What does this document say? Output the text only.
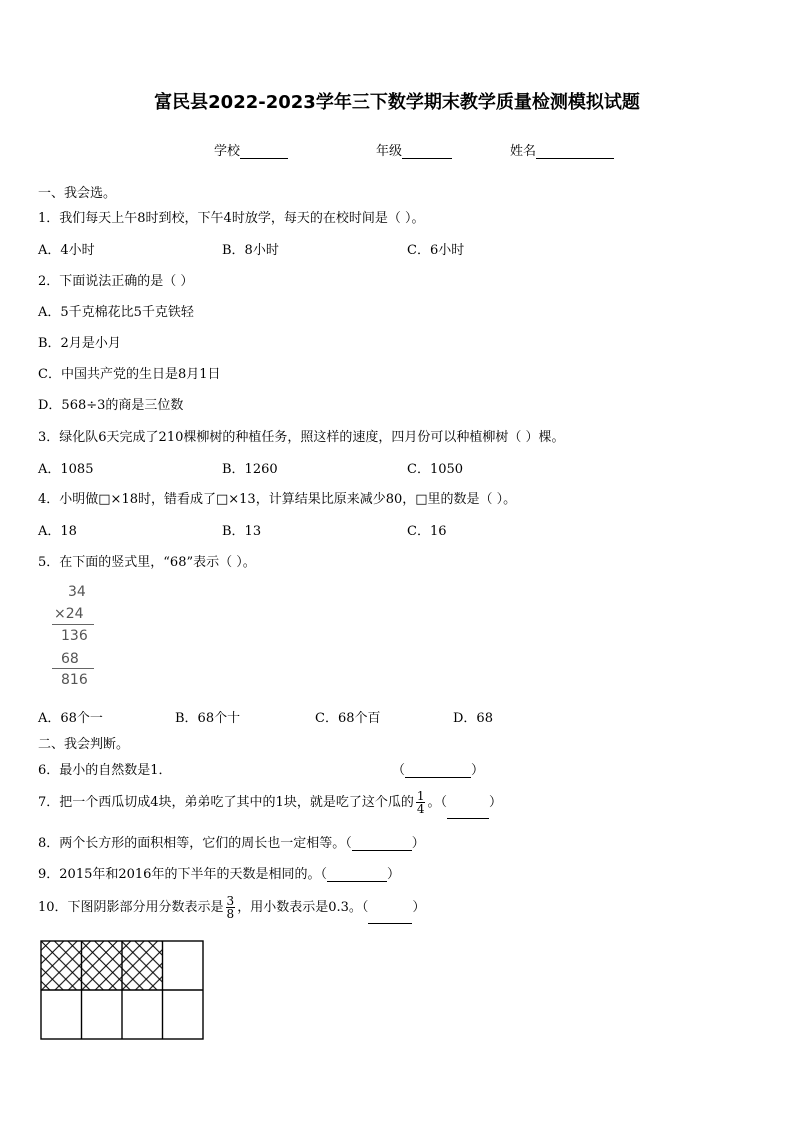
富民县2022-2023学年三下数学期末教学质量检测模拟试题
学校	年级	姓名
一、我会选。
1．我们每天上午8时到校，下午4时放学，每天的在校时间是（ ）。
A．4小时	B．8小时	C．6小时
2．下面说法正确的是（ ）
A．5千克棉花比5千克铁轻
B．2月是小月
C．中国共产党的生日是8月1日
D．568÷3的商是三位数
3．绿化队6天完成了210棵柳树的种植任务，照这样的速度，四月份可以种植柳树（ ）棵。
A．1085	B．1260	C．1050
4．小明做□×18时，错看成了□×13，计算结果比原来减少80，□里的数是（ ）。
A．18	B．13	C．16
5．在下面的竖式里，“68”表示（ ）。
34
×24
136
68
816
A．68个一	B．68个十	C．68个百	D．68
二、我会判断。
6．最小的自然数是1．	（	）
7．把一个西瓜切成4块，弟弟吃了其中的1块，就是吃了这个瓜的 $\frac{1}{4}$ 。（	）
8．两个长方形的面积相等，它们的周长也一定相等。（	）
9．2015年和2016年的下半年的天数是相同的。（	）
10．下图阴影部分用分数表示是 $\frac{3}{8}$ ，用小数表示是0.3。（	）
